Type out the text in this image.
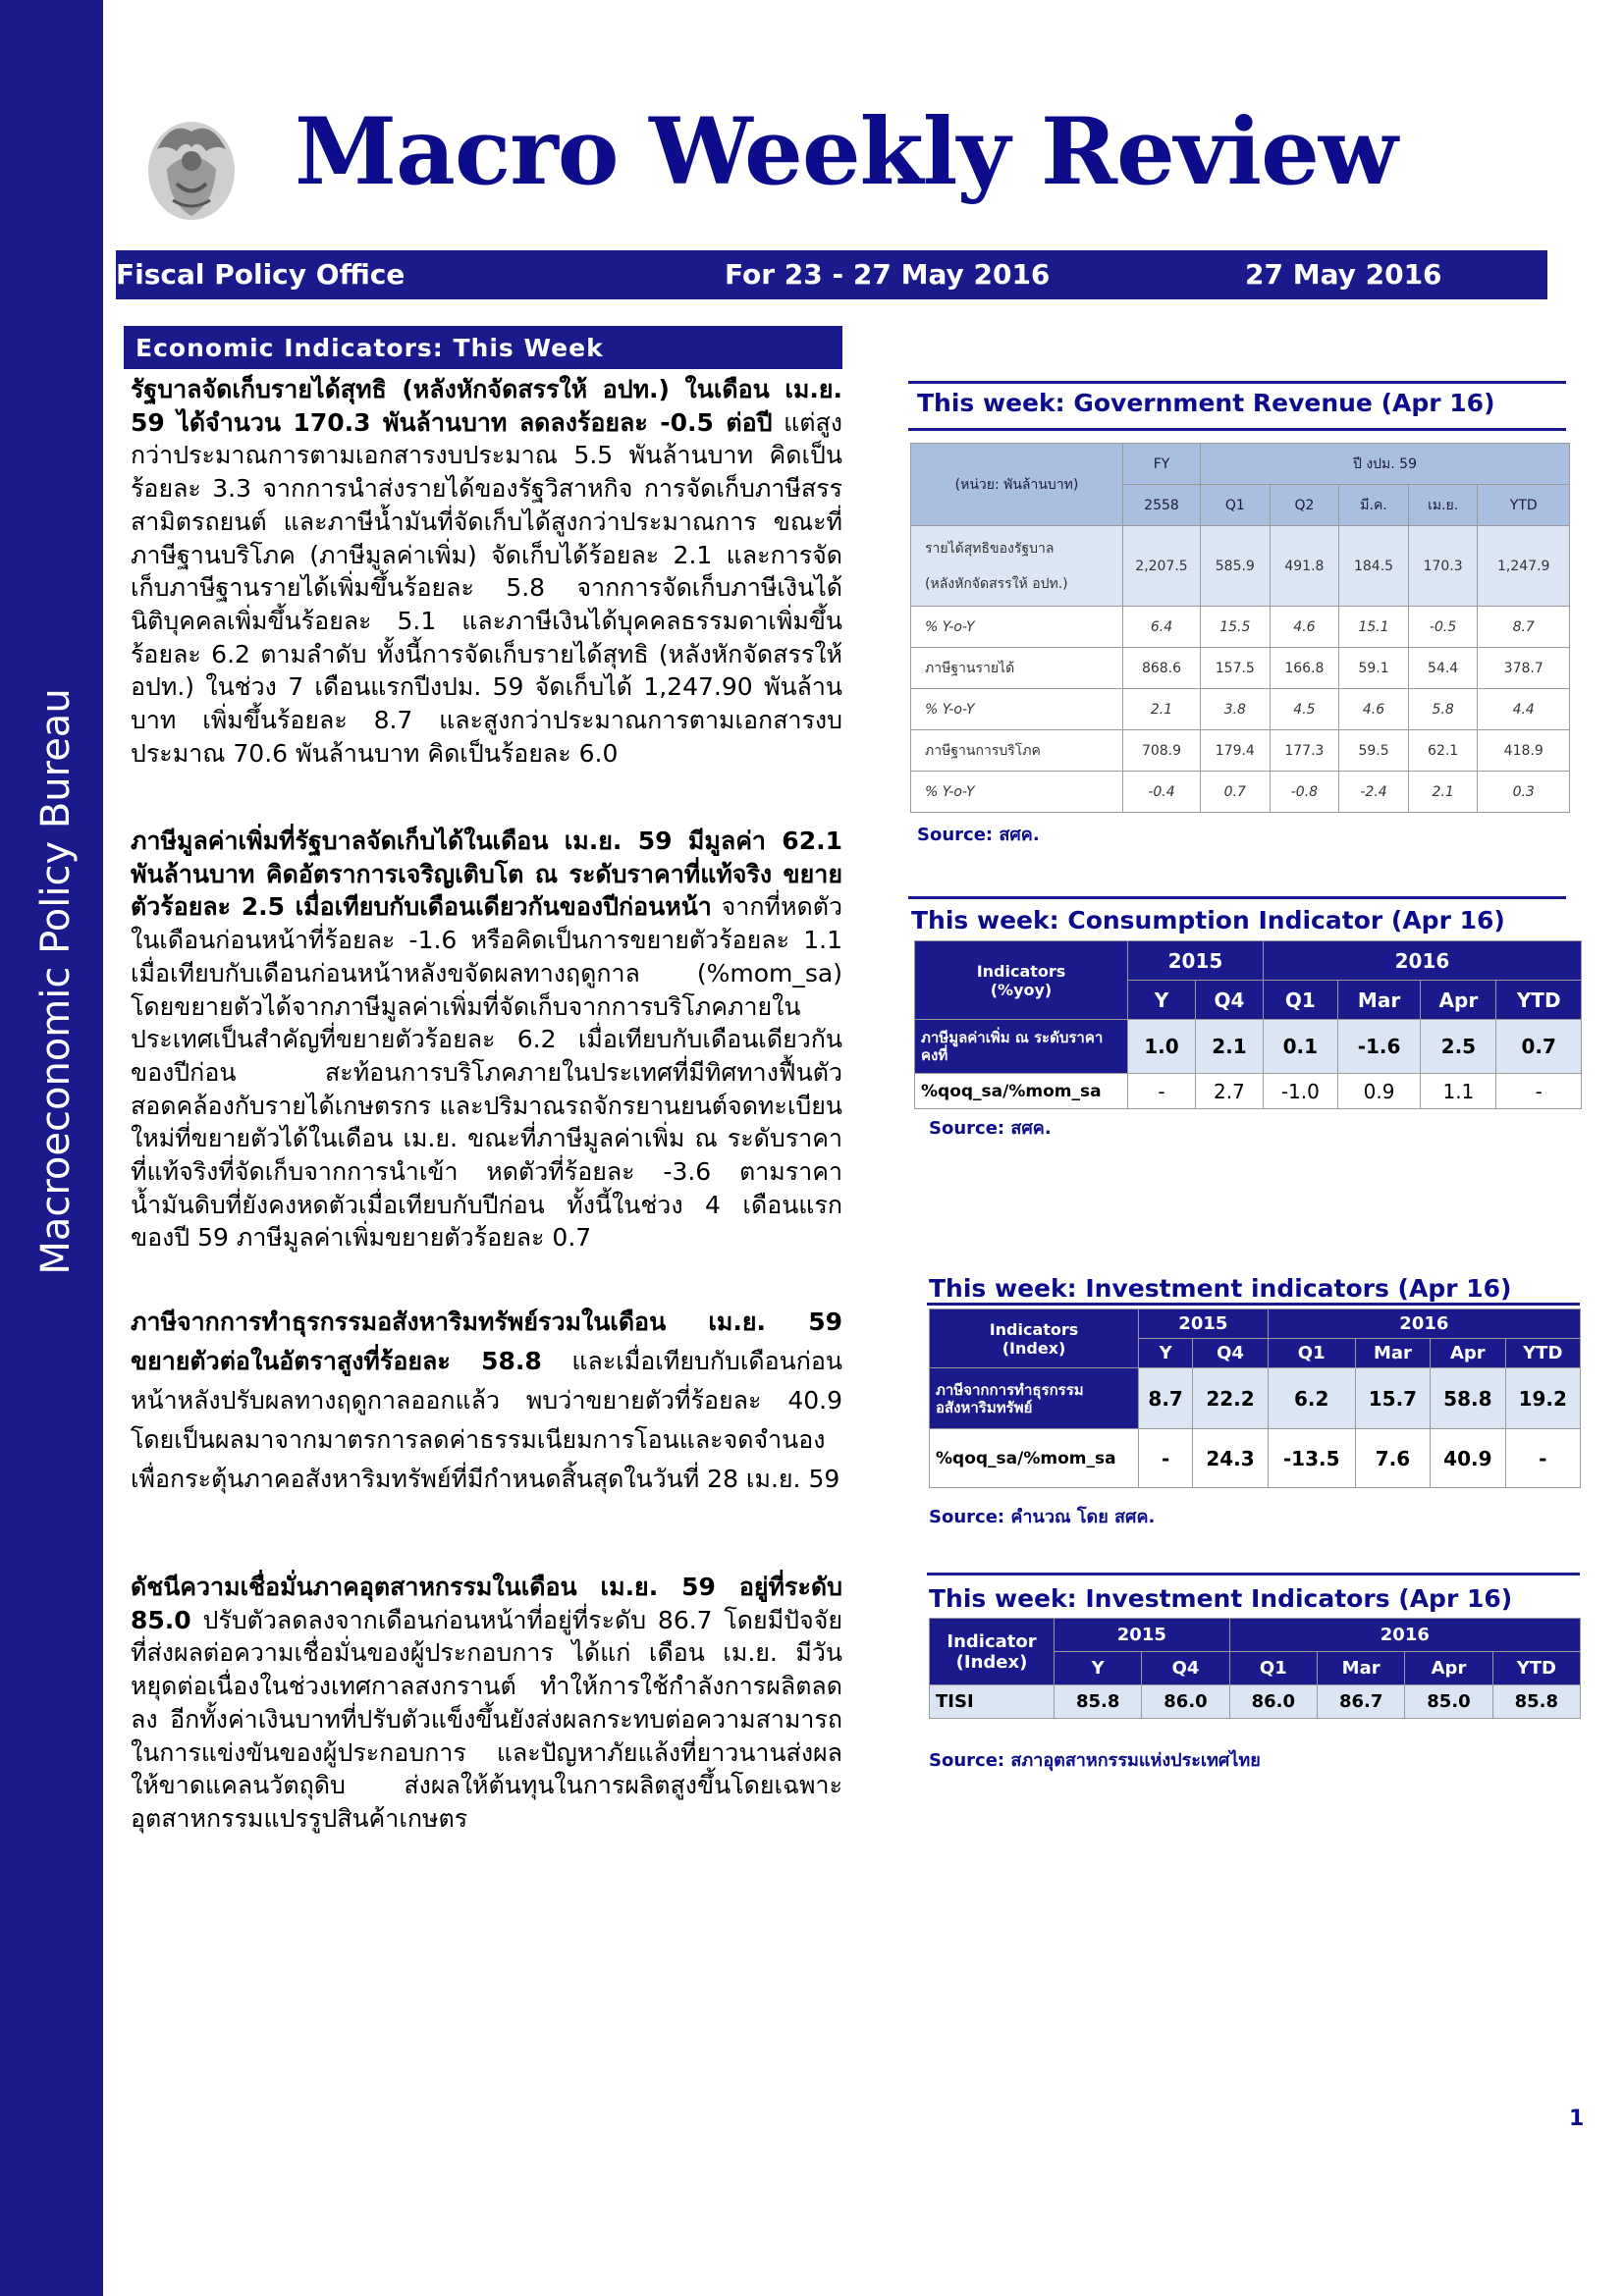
Macroeconomic Policy Bureau
Macro Weekly Review
Fiscal Policy Office	For 23 - 27 May 2016	27 May 2016
Economic Indicators: This Week
รัฐบาลจัดเก็บรายได้สุทธิ (หลังหักจัดสรรให้ อปท.) ในเดือน เม.ย. 59 ได้จำนวน 170.3 พันล้านบาท ลดลงร้อยละ -0.5 ต่อปี แต่สูงกว่าประมาณการตามเอกสารงบประมาณ 5.5 พันล้านบาท คิดเป็นร้อยละ 3.3 จากการนำส่งรายได้ของรัฐวิสาหกิจ การจัดเก็บภาษีสรรสามิตรถยนต์ และภาษีน้ำมันที่จัดเก็บได้สูงกว่าประมาณการ ขณะที่ภาษีฐานบริโภค (ภาษีมูลค่าเพิ่ม) จัดเก็บได้ร้อยละ 2.1 และการจัดเก็บภาษีฐานรายได้เพิ่มขึ้นร้อยละ 5.8 จากการจัดเก็บภาษีเงินได้นิติบุคคลเพิ่มขึ้นร้อยละ 5.1 และภาษีเงินได้บุคคลธรรมดาเพิ่มขึ้นร้อยละ 6.2 ตามลำดับ ทั้งนี้การจัดเก็บรายได้สุทธิ (หลังหักจัดสรรให้ อปท.) ในช่วง 7 เดือนแรกปีงปม. 59 จัดเก็บได้ 1,247.90 พันล้านบาท เพิ่มขึ้นร้อยละ 8.7 และสูงกว่าประมาณการตามเอกสารงบประมาณ 70.6 พันล้านบาท คิดเป็นร้อยละ 6.0
ภาษีมูลค่าเพิ่มที่รัฐบาลจัดเก็บได้ในเดือน เม.ย. 59 มีมูลค่า 62.1 พันล้านบาท คิดอัตราการเจริญเติบโต ณ ระดับราคาที่แท้จริง ขยายตัวร้อยละ 2.5 เมื่อเทียบกับเดือนเดียวกันของปีก่อนหน้า จากที่หดตัวในเดือนก่อนหน้าที่ร้อยละ -1.6 หรือคิดเป็นการขยายตัวร้อยละ 1.1 เมื่อเทียบกับเดือนก่อนหน้าหลังขจัดผลทางฤดูกาล (%mom_sa) โดยขยายตัวได้จากภาษีมูลค่าเพิ่มที่จัดเก็บจากการบริโภคภายในประเทศเป็นสำคัญที่ขยายตัวร้อยละ 6.2 เมื่อเทียบกับเดือนเดียวกันของปีก่อน สะท้อนการบริโภคภายในประเทศที่มีทิศทางฟื้นตัว สอดคล้องกับรายได้เกษตรกร และปริมาณรถจักรยานยนต์จดทะเบียนใหม่ที่ขยายตัวได้ในเดือน เม.ย. ขณะที่ภาษีมูลค่าเพิ่ม ณ ระดับราคาที่แท้จริงที่จัดเก็บจากการนำเข้า หดตัวที่ร้อยละ -3.6 ตามราคาน้ำมันดิบที่ยังคงหดตัวเมื่อเทียบกับปีก่อน ทั้งนี้ในช่วง 4 เดือนแรกของปี 59 ภาษีมูลค่าเพิ่มขยายตัวร้อยละ 0.7
ภาษีจากการทำธุรกรรมอสังหาริมทรัพย์รวมในเดือน เม.ย. 59 ขยายตัวต่อในอัตราสูงที่ร้อยละ 58.8 และเมื่อเทียบกับเดือนก่อนหน้าหลังปรับผลทางฤดูกาลออกแล้ว พบว่าขยายตัวที่ร้อยละ 40.9 โดยเป็นผลมาจากมาตรการลดค่าธรรมเนียมการโอนและจดจำนองเพื่อกระตุ้นภาคอสังหาริมทรัพย์ที่มีกำหนดสิ้นสุดในวันที่ 28 เม.ย. 59
ดัชนีความเชื่อมั่นภาคอุตสาหกรรมในเดือน เม.ย. 59 อยู่ที่ระดับ 85.0 ปรับตัวลดลงจากเดือนก่อนหน้าที่อยู่ที่ระดับ 86.7 โดยมีปัจจัยที่ส่งผลต่อความเชื่อมั่นของผู้ประกอบการ ได้แก่ เดือน เม.ย. มีวันหยุดต่อเนื่องในช่วงเทศกาลสงกรานต์ ทำให้การใช้กำลังการผลิตลดลง อีกทั้งค่าเงินบาทที่ปรับตัวแข็งขึ้นยังส่งผลกระทบต่อความสามารถในการแข่งขันของผู้ประกอบการ และปัญหาภัยแล้งที่ยาวนานส่งผลให้ขาดแคลนวัตถุดิบ ส่งผลให้ต้นทุนในการผลิตสูงขึ้นโดยเฉพาะอุตสาหกรรมแปรรูปสินค้าเกษตร
This week: Government Revenue (Apr 16)
(หน่วย: พันล้านบาท)	FY	ปี งปม. 59				
	2558	Q1	Q2	มี.ค.	เม.ย.	YTD

รายได้สุทธิของรัฐบาล
(หลังหักจัดสรรให้ อปท.)	2,207.5	585.9	491.8	184.5	170.3	1,247.9
% Y-o-Y	6.4	15.5	4.6	15.1	-0.5	8.7
ภาษีฐานรายได้	868.6	157.5	166.8	59.1	54.4	378.7
% Y-o-Y	2.1	3.8	4.5	4.6	5.8	4.4
ภาษีฐานการบริโภค	708.9	179.4	177.3	59.5	62.1	418.9
% Y-o-Y	-0.4	0.7	-0.8	-2.4	2.1	0.3
Source: สศค.
This week: Consumption Indicator (Apr 16)
Indicators
(%yoy)	2015		2016			
	Y	Q4	Q1	Mar	Apr	YTD
ภาษีมูลค่าเพิ่ม ณ ระดับราคาคงที่	1.0	2.1	0.1	-1.6	2.5	0.7
%qoq_sa/%mom_sa	-	2.7	-1.0	0.9	1.1	-
Source: สศค.
This week: Investment indicators (Apr 16)
Indicators
(Index)	2015		2016			
	Y	Q4	Q1	Mar	Apr	YTD
ภาษีจากการทำธุรกรรมอสังหาริมทรัพย์	8.7	22.2	6.2	15.7	58.8	19.2
%qoq_sa/%mom_sa	-	24.3	-13.5	7.6	40.9	-
Source: คำนวณ โดย สศค.
This week: Investment Indicators (Apr 16)
Indicator
(Index)	2015		2016			
	Y	Q4	Q1	Mar	Apr	YTD
TISI	85.8	86.0	86.0	86.7	85.0	85.8
Source: สภาอุตสาหกรรมแห่งประเทศไทย
1
